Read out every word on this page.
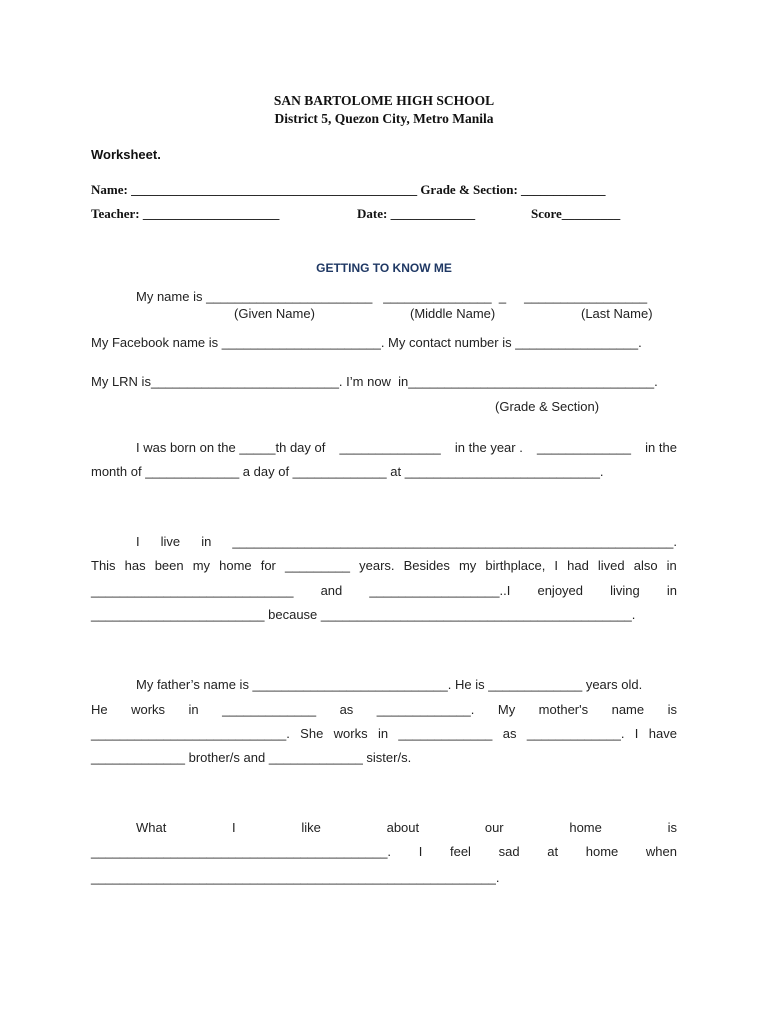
SAN BARTOLOME HIGH SCHOOL
District 5, Quezon City, Metro Manila
Worksheet.
Name: ____________________________________________ Grade & Section: _____________
Teacher: _____________________	Date: _____________	Score_________
GETTING TO KNOW ME
My name is _______________________   _______________  _     _________________
(Given Name)	(Middle Name)	(Last Name)
My Facebook name is ______________________. My contact number is _________________.
My LRN is__________________________. I’m now  in__________________________________.
(Grade & Section)
I was born on the _____th day of ______________ in the year . _____________ in the
month of _____________ a day of _____________ at ___________________________.
I live in _____________________________________________________________.
This has been my home for _________ years. Besides my birthplace, I had lived also in
____________________________ and __________________..I enjoyed living in
________________________ because ___________________________________________.
My father’s name is ___________________________. He is _____________ years old.
He works in _____________ as _____________. My mother's name is
___________________________. She works in _____________ as _____________. I have
_____________ brother/s and _____________ sister/s.
What	I	like	about	our	home	is
_________________________________________. I feel sad at home when
________________________________________________________.
